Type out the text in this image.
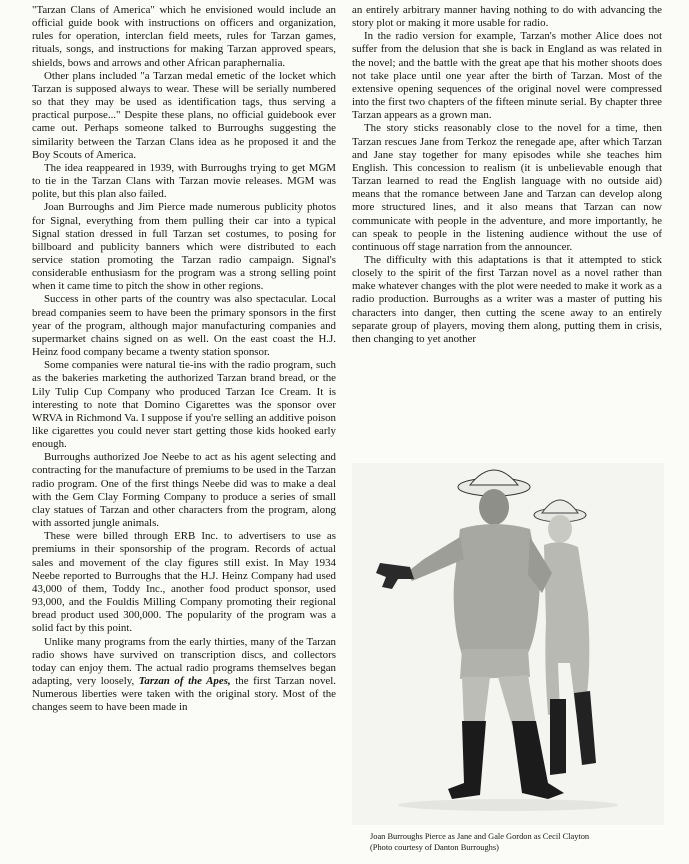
"Tarzan Clans of America" which he envisioned would include an official guide book with instructions on officers and organization, rules for operation, interclan field meets, rules for Tarzan games, rituals, songs, and instructions for making Tarzan approved spears, shields, bows and arrows and other African paraphernalia.

Other plans included "a Tarzan medal emetic of the locket which Tarzan is supposed always to wear. These will be serially numbered so that they may be used as identification tags, thus serving a practical purpose..." Despite these plans, no official guidebook ever came out. Perhaps someone talked to Burroughs suggesting the similarity between the Tarzan Clans idea as he proposed it and the Boy Scouts of America.

The idea reappeared in 1939, with Burroughs trying to get MGM to tie in the Tarzan Clans with Tarzan movie releases. MGM was polite, but this plan also failed.

Joan Burroughs and Jim Pierce made numerous publicity photos for Signal, everything from them pulling their car into a typical Signal station dressed in full Tarzan set costumes, to posing for billboard and publicity banners which were distributed to each service station promoting the Tarzan radio campaign. Signal's considerable enthusiasm for the program was a strong selling point when it came time to pitch the show in other regions.

Success in other parts of the country was also spectacular. Local bread companies seem to have been the primary sponsors in the first year of the program, although major manufacturing companies and supermarket chains signed on as well. On the east coast the H.J. Heinz food company became a twenty station sponsor.

Some companies were natural tie-ins with the radio program, such as the bakeries marketing the authorized Tarzan brand bread, or the Lily Tulip Cup Company who produced Tarzan Ice Cream. It is interesting to note that Domino Cigarettes was the sponsor over WRVA in Richmond Va. I suppose if you're selling an additive poison like cigarettes you could never start getting those kids hooked early enough.

Burroughs authorized Joe Neebe to act as his agent selecting and contracting for the manufacture of premiums to be used in the Tarzan radio program. One of the first things Neebe did was to make a deal with the Gem Clay Forming Company to produce a series of small clay statues of Tarzan and other characters from the program, along with assorted jungle animals.

These were billed through ERB Inc. to advertisers to use as premiums in their sponsorship of the program. Records of actual sales and movement of the clay figures still exist. In May 1934 Neebe reported to Burroughs that the H.J. Heinz Company had used 43,000 of them, Toddy Inc., another food product sponsor, used 93,000, and the Fouldis Milling Company promoting their regional bread product used 300,000. The popularity of the program was a solid fact by this point.

Unlike many programs from the early thirties, many of the Tarzan radio shows have survived on transcription discs, and collectors today can enjoy them. The actual radio programs themselves began adapting, very loosely, Tarzan of the Apes, the first Tarzan novel. Numerous liberties were taken with the original story. Most of the changes seem to have been made in

an entirely arbitrary manner having nothing to do with advancing the story plot or making it more usable for radio.

In the radio version for example, Tarzan's mother Alice does not suffer from the delusion that she is back in England as was related in the novel; and the battle with the great ape that his mother shoots does not take place until one year after the birth of Tarzan. Most of the extensive opening sequences of the original novel were compressed into the first two chapters of the fifteen minute serial. By chapter three Tarzan appears as a grown man.

The story sticks reasonably close to the novel for a time, then Tarzan rescues Jane from Terkoz the renegade ape, after which Tarzan and Jane stay together for many episodes while she teaches him English. This concession to realism (it is unbelievable enough that Tarzan learned to read the English language with no outside aid) means that the romance between Jane and Tarzan can develop along more structured lines, and it also means that Tarzan can now communicate with people in the adventure, and more importantly, he can speak to people in the listening audience without the use of continuous off stage narration from the announcer.

The difficulty with this adaptations is that it attempted to stick closely to the spirit of the first Tarzan novel as a novel rather than make whatever changes with the plot were needed to make it work as a radio production. Burroughs as a writer was a master of putting his characters into danger, then cutting the scene away to an entirely separate group of players, moving them along, putting them in crisis, then changing to yet another

Joan Burroughs Pierce as Jane and Gale Gordon as Cecil Clayton
(Photo courtesy of Danton Burroughs)
